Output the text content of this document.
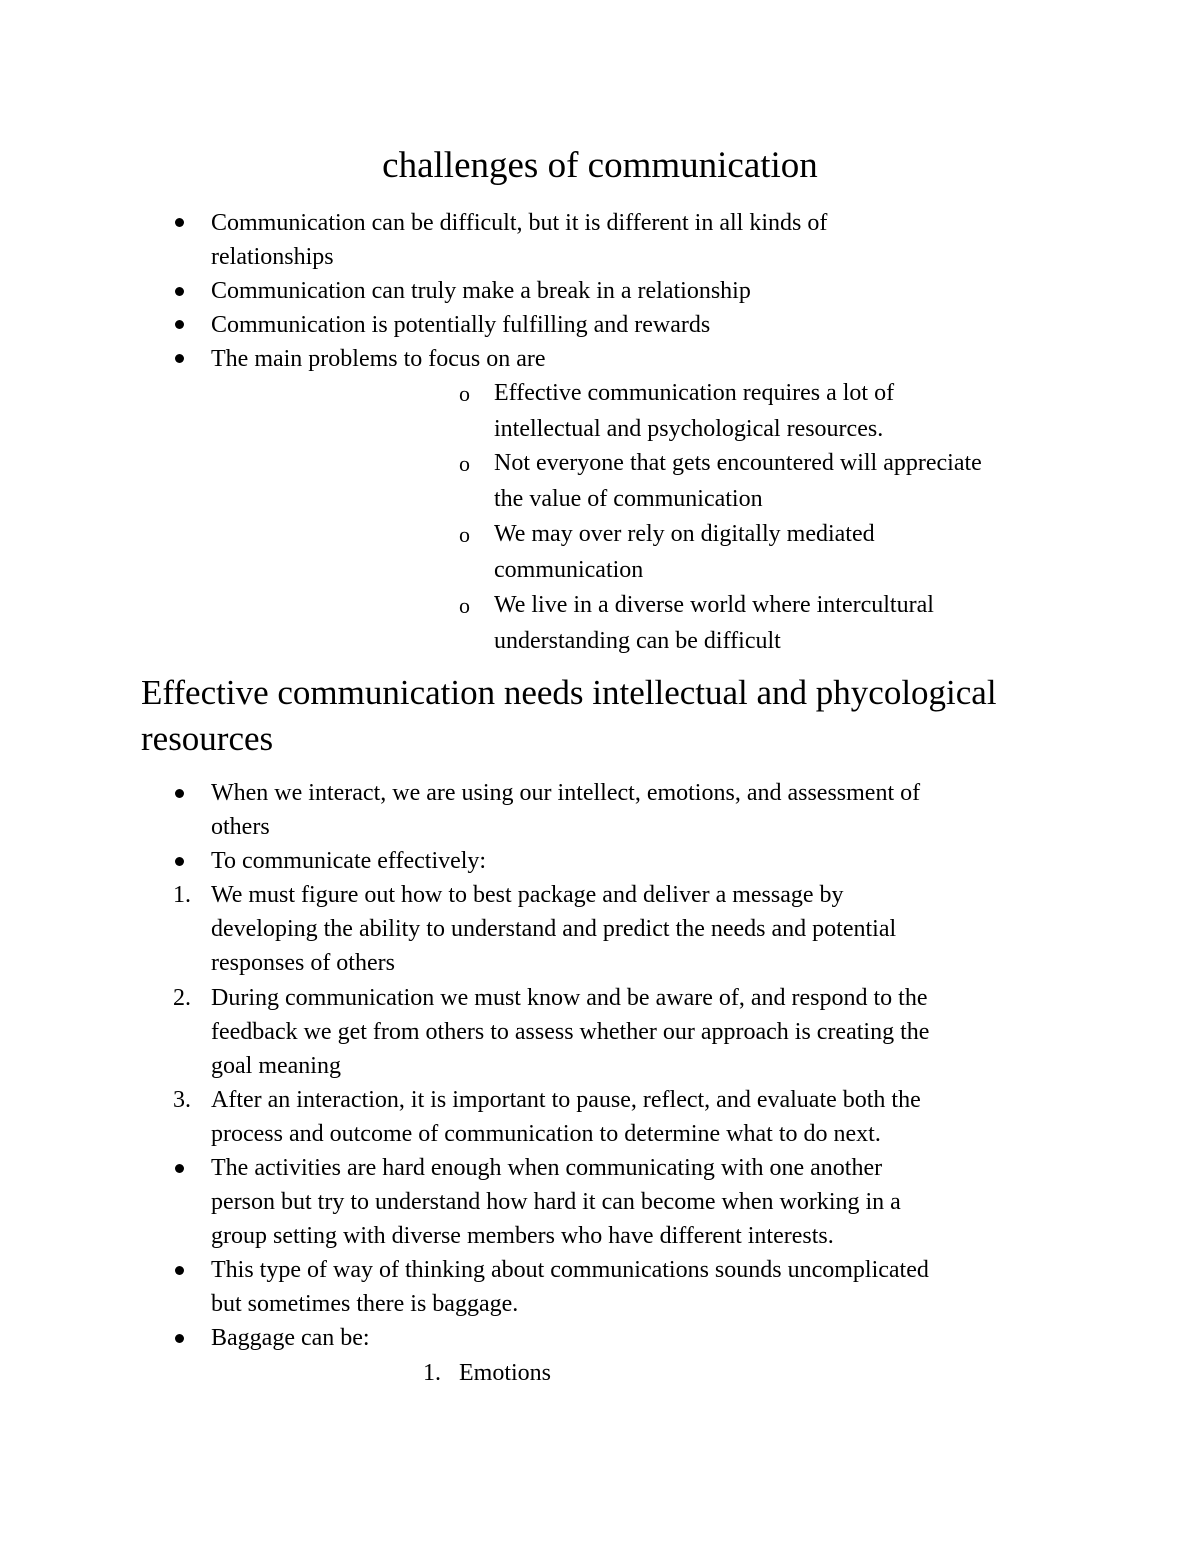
challenges of communication
Communication can be difficult, but it is different in all kinds of
relationships
Communication can truly make a break in a relationship
Communication is potentially fulfilling and rewards
The main problems to focus on are
o Effective communication requires a lot of
intellectual and psychological resources.
o Not everyone that gets encountered will appreciate
the value of communication
o We may over rely on digitally mediated
communication
o We live in a diverse world where intercultural
understanding can be difficult
Effective communication needs intellectual and phycological
resources
When we interact, we are using our intellect, emotions, and assessment of
others
To communicate effectively:
1. We must figure out how to best package and deliver a message by
developing the ability to understand and predict the needs and potential
responses of others
2. During communication we must know and be aware of, and respond to the
feedback we get from others to assess whether our approach is creating the
goal meaning
3. After an interaction, it is important to pause, reflect, and evaluate both the
process and outcome of communication to determine what to do next.
The activities are hard enough when communicating with one another
person but try to understand how hard it can become when working in a
group setting with diverse members who have different interests.
This type of way of thinking about communications sounds uncomplicated
but sometimes there is baggage.
Baggage can be:
1. Emotions
